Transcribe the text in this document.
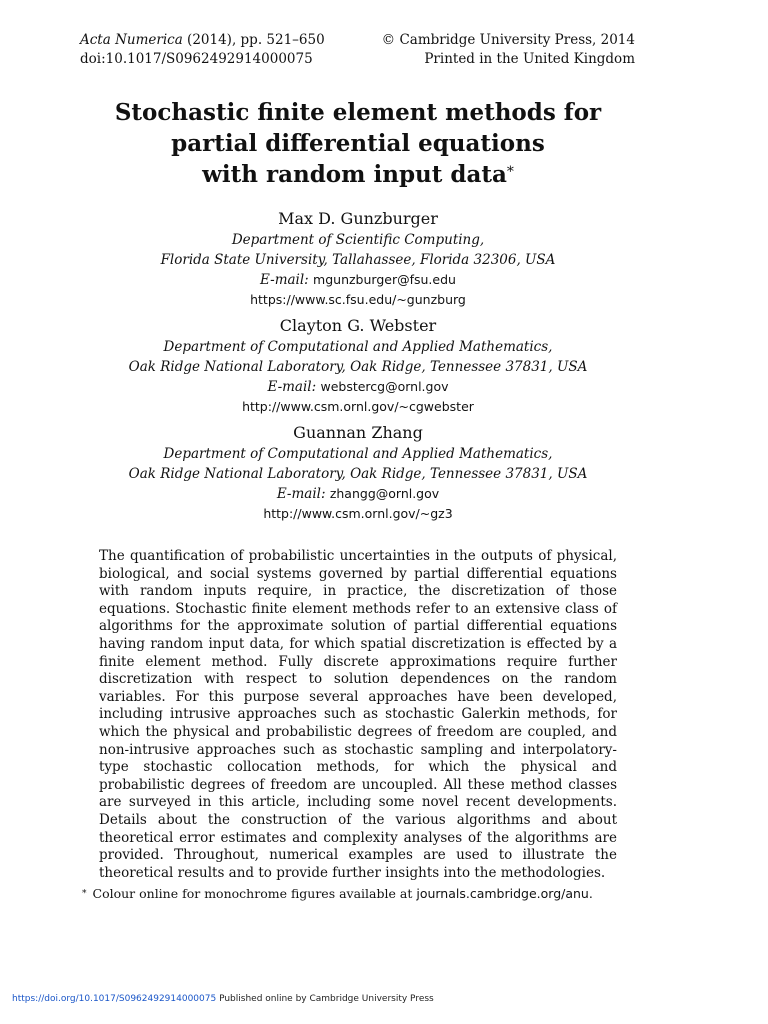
Acta Numerica (2014), pp. 521–650
doi:10.1017/S0962492914000075
© Cambridge University Press, 2014
Printed in the United Kingdom
Stochastic finite element methods for
partial differential equations
with random input data*
Max D. Gunzburger
Department of Scientific Computing,
Florida State University, Tallahassee, Florida 32306, USA
E-mail: mgunzburger@fsu.edu
https://www.sc.fsu.edu/~gunzburg
Clayton G. Webster
Department of Computational and Applied Mathematics,
Oak Ridge National Laboratory, Oak Ridge, Tennessee 37831, USA
E-mail: webstercg@ornl.gov
http://www.csm.ornl.gov/~cgwebster
Guannan Zhang
Department of Computational and Applied Mathematics,
Oak Ridge National Laboratory, Oak Ridge, Tennessee 37831, USA
E-mail: zhangg@ornl.gov
http://www.csm.ornl.gov/~gz3
The quantification of probabilistic uncertainties in the outputs of physical, biological, and social systems governed by partial differential equations with random inputs require, in practice, the discretization of those equations. Stochastic finite element methods refer to an extensive class of algorithms for the approximate solution of partial differential equations having random input data, for which spatial discretization is effected by a finite element method. Fully discrete approximations require further discretization with respect to solution dependences on the random variables. For this purpose several approaches have been developed, including intrusive approaches such as stochastic Galerkin methods, for which the physical and probabilistic degrees of freedom are coupled, and non-intrusive approaches such as stochastic sampling and interpolatory-type stochastic collocation methods, for which the physical and probabilistic degrees of freedom are uncoupled. All these method classes are surveyed in this article, including some novel recent developments. Details about the construction of the various algorithms and about theoretical error estimates and complexity analyses of the algorithms are provided. Throughout, numerical examples are used to illustrate the theoretical results and to provide further insights into the methodologies.
* Colour online for monochrome figures available at journals.cambridge.org/anu.
https://doi.org/10.1017/S0962492914000075 Published online by Cambridge University Press
